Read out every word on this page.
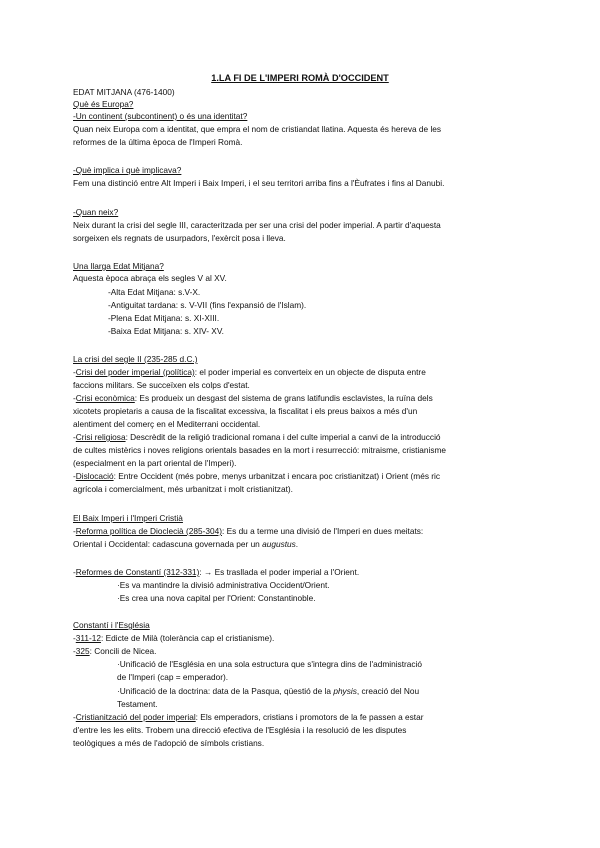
1.LA FI DE L'IMPERI ROMÀ D'OCCIDENT
EDAT MITJANA (476-1400)
Què és Europa?
-Un continent (subcontinent) o és una identitat?
Quan neix Europa com a identitat, que empra el nom de cristiandat llatina. Aquesta és hereva de les
reformes de la última època de l'Imperi Romà.
-Què implica i què implicava?
Fem una distinció entre Alt Imperi i Baix Imperi, i el seu territori arriba fins a l'Èufrates i fins al Danubi.
-Quan neix?
Neix durant la crisi del segle III, caracteritzada per ser una crisi del poder imperial. A partir d'aquesta
sorgeixen els regnats de usurpadors, l'exèrcit posa i lleva.
Una llarga Edat Mitjana?
Aquesta època abraça els segles V al XV.
-Alta Edat Mitjana: s.V-X.
-Antiguitat tardana: s. V-VII (fins l'expansió de l'Islam).
-Plena Edat Mitjana: s. XI-XIII.
-Baixa Edat Mitjana: s. XIV- XV.
La crisi del segle II (235-285 d.C.)
-Crisi del poder imperial (política): el poder imperial es converteix en un objecte de disputa entre
faccions militars. Se succeïxen els colps d'estat.
-Crisi econòmica: Es produeix un desgast del sistema de grans latifundis esclavistes, la ruïna dels
xicotets propietaris a causa de la fiscalitat excessiva, la fiscalitat i els preus baixos a més d'un
alentiment del comerç en el Mediterrani occidental.
-Crisi religiosa: Descrèdit de la religió tradicional romana i del culte imperial a canvi de la introducció
de cultes mistèrics i noves religions orientals basades en la mort i resurrecció: mitraisme, cristianisme
(especialment en la part oriental de l'Imperi).
-Dislocació: Entre Occident (més pobre, menys urbanitzat i encara poc cristianitzat) i Orient (més ric
agrícola i comercialment, més urbanitzat i molt cristianitzat).
El Baix Imperi i l'Imperi Cristià
-Reforma política de Dioclecià (285-304): Es du a terme una divisió de l'Imperi en dues meitats:
Oriental i Occidental: cadascuna governada per un augustus.
-Reformes de Constantí (312-331): → Es trasllada el poder imperial a l'Orient.
·Es va mantindre la divisió administrativa Occident/Orient.
·Es crea una nova capital per l'Orient: Constantinoble.
Constantí i l'Església
-311-12: Edicte de Milà (tolerància cap el cristianisme).
-325: Concili de Nicea.
·Unificació de l'Església en una sola estructura que s'integra dins de l'administració
de l'Imperi (cap = emperador).
·Unificació de la doctrina: data de la Pasqua, qüestió de la physis, creació del Nou
Testament.
-Cristianització del poder imperial: Els emperadors, cristians i promotors de la fe passen a estar
d'entre les les elits. Trobem una direcció efectiva de l'Església i la resolució de les disputes
teològiques a més de l'adopció de símbols cristians.
